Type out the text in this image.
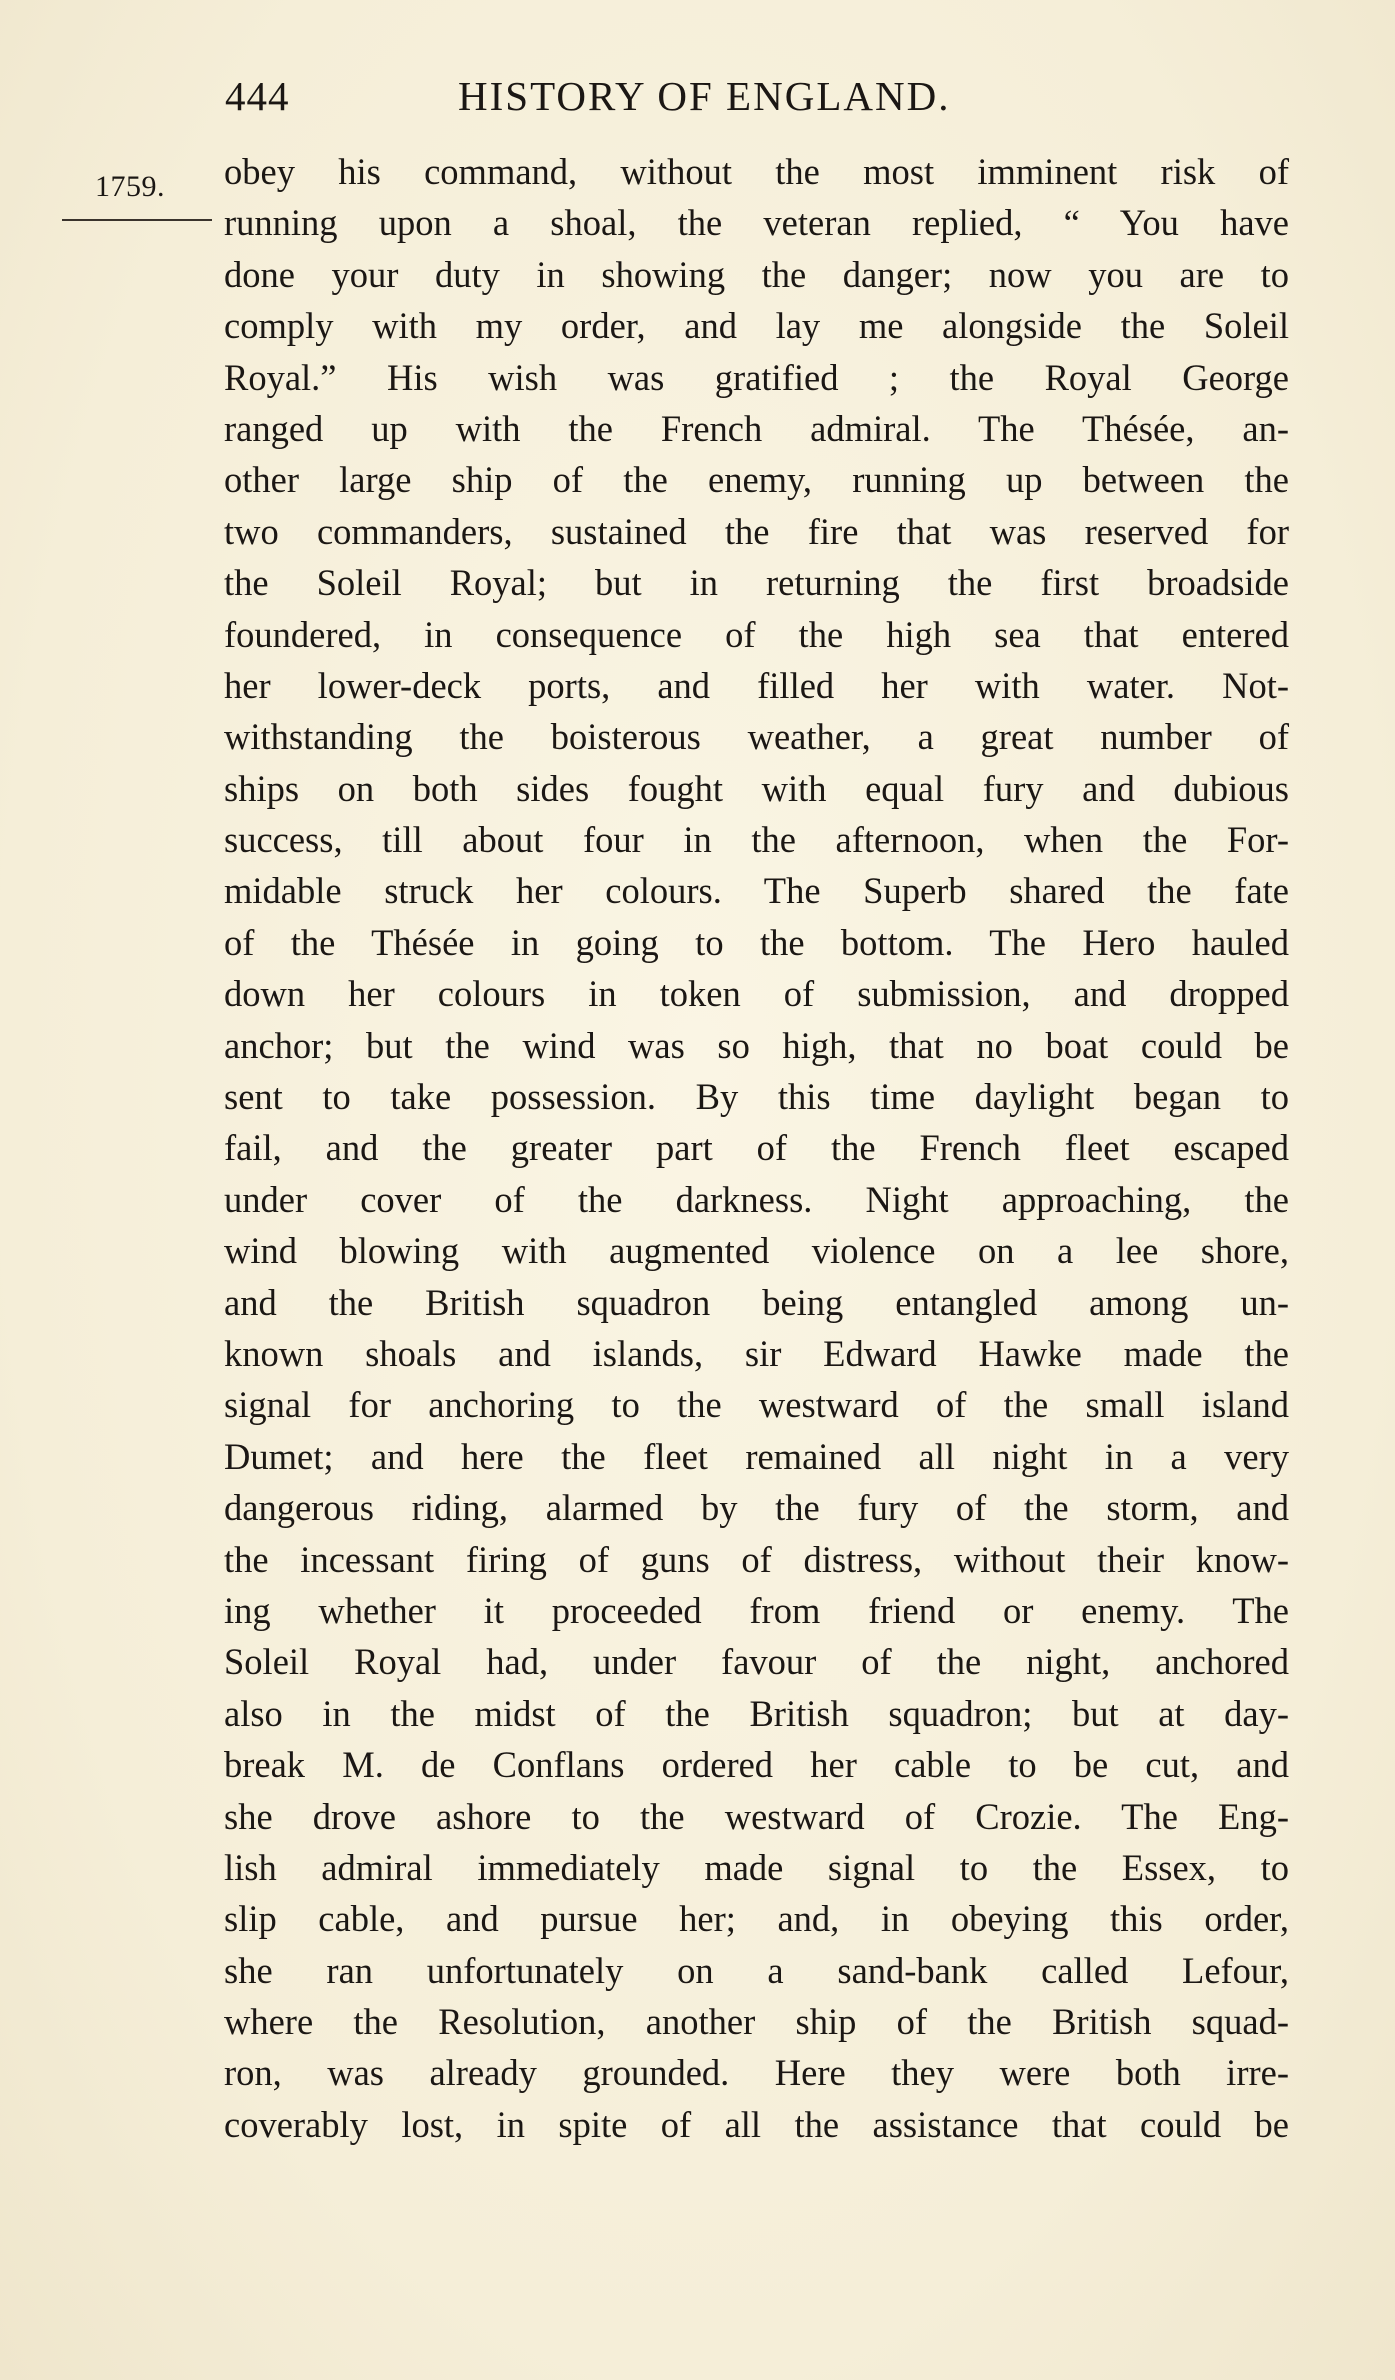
444	HISTORY OF ENGLAND.
1759. obey his command, without the most imminent risk of
running upon a shoal, the veteran replied, “ You have
done your duty in showing the danger; now you are to
comply with my order, and lay me alongside the Soleil
Royal.” His wish was gratified ; the Royal George
ranged up with the French admiral. The Thésée, an-
other large ship of the enemy, running up between the
two commanders, sustained the fire that was reserved for
the Soleil Royal; but in returning the first broadside
foundered, in consequence of the high sea that entered
her lower-deck ports, and filled her with water. Not-
withstanding the boisterous weather, a great number of
ships on both sides fought with equal fury and dubious
success, till about four in the afternoon, when the For-
midable struck her colours. The Superb shared the fate
of the Thésée in going to the bottom. The Hero hauled
down her colours in token of submission, and dropped
anchor; but the wind was so high, that no boat could be
sent to take possession. By this time daylight began to
fail, and the greater part of the French fleet escaped
under cover of the darkness. Night approaching, the
wind blowing with augmented violence on a lee shore,
and the British squadron being entangled among un-
known shoals and islands, sir Edward Hawke made the
signal for anchoring to the westward of the small island
Dumet; and here the fleet remained all night in a very
dangerous riding, alarmed by the fury of the storm, and
the incessant firing of guns of distress, without their know-
ing whether it proceeded from friend or enemy. The
Soleil Royal had, under favour of the night, anchored
also in the midst of the British squadron; but at day-
break M. de Conflans ordered her cable to be cut, and
she drove ashore to the westward of Crozie. The Eng-
lish admiral immediately made signal to the Essex, to
slip cable, and pursue her; and, in obeying this order,
she ran unfortunately on a sand-bank called Lefour,
where the Resolution, another ship of the British squad-
ron, was already grounded. Here they were both irre-
coverably lost, in spite of all the assistance that could be
